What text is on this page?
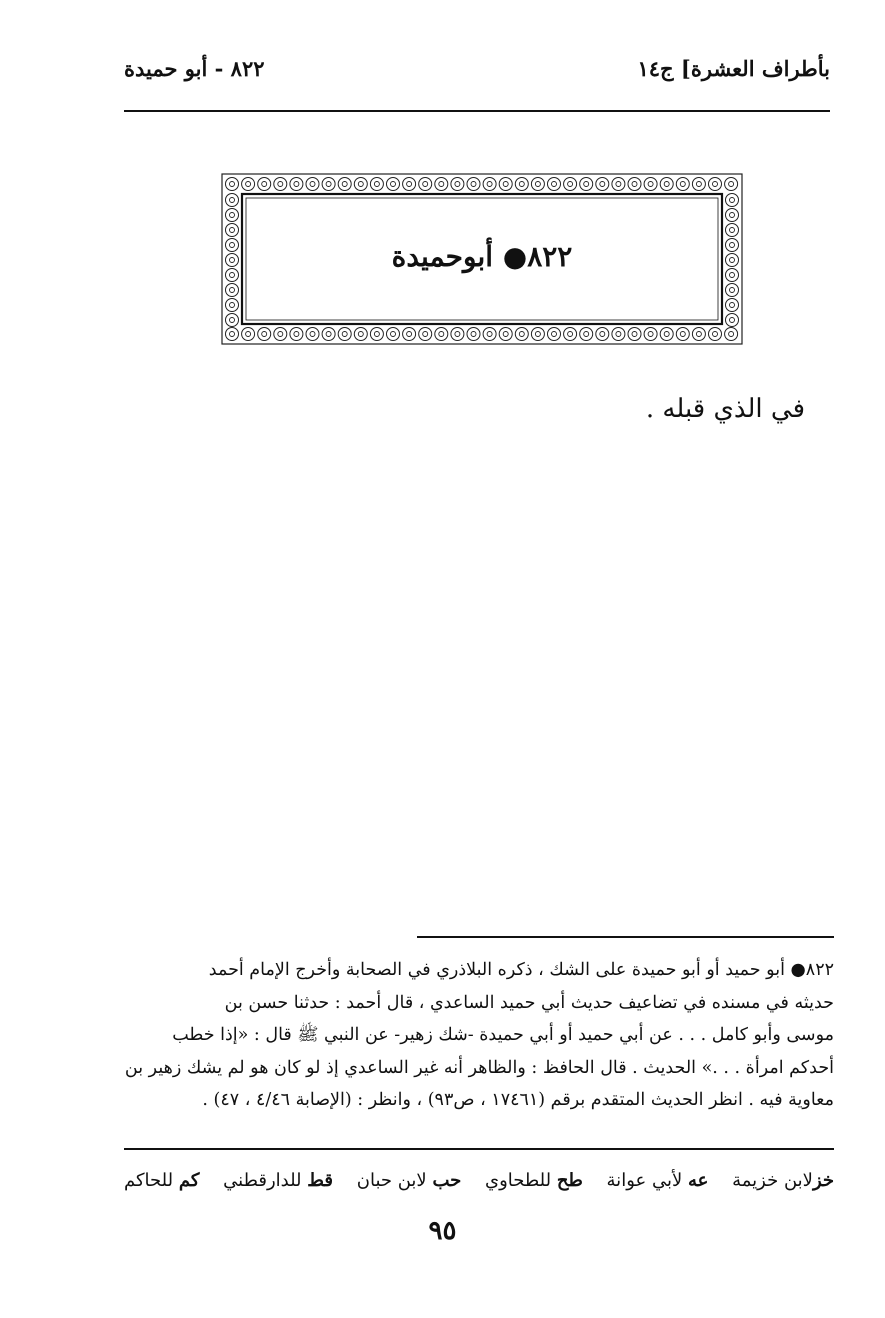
بأطراف العشرة] ج١٤
٨٢٢ - أبو حميدة
٨٢٢● أبوحميدة
في الذي قبله .
٨٢٢● أبو حميد أو أبو حميدة على الشك ، ذكره البلاذري في الصحابة وأخرج الإمام أحمد
حديثه في مسنده في تضاعيف حديث أبي حميد الساعدي ، قال أحمد : حدثنا حسن بن
موسى وأبو كامل . . . عن أبي حميد أو أبي حميدة -شك زهير- عن النبي ﷺ قال : «إذا خطب
أحدكم امرأة . . .» الحديث . قال الحافظ : والظاهر أنه غير الساعدي إذ لو كان هو لم يشك زهير بن
معاوية فيه . انظر الحديث المتقدم برقم (١٧٤٦١ ، ص٩٣) ، وانظر : (الإصابة ٤/٤٦ ، ٤٧) .
خزلابن خزيمة
عه لأبي عوانة
طح للطحاوي
حب لابن حبان
قط للدارقطني
كم للحاكم
٩٥
